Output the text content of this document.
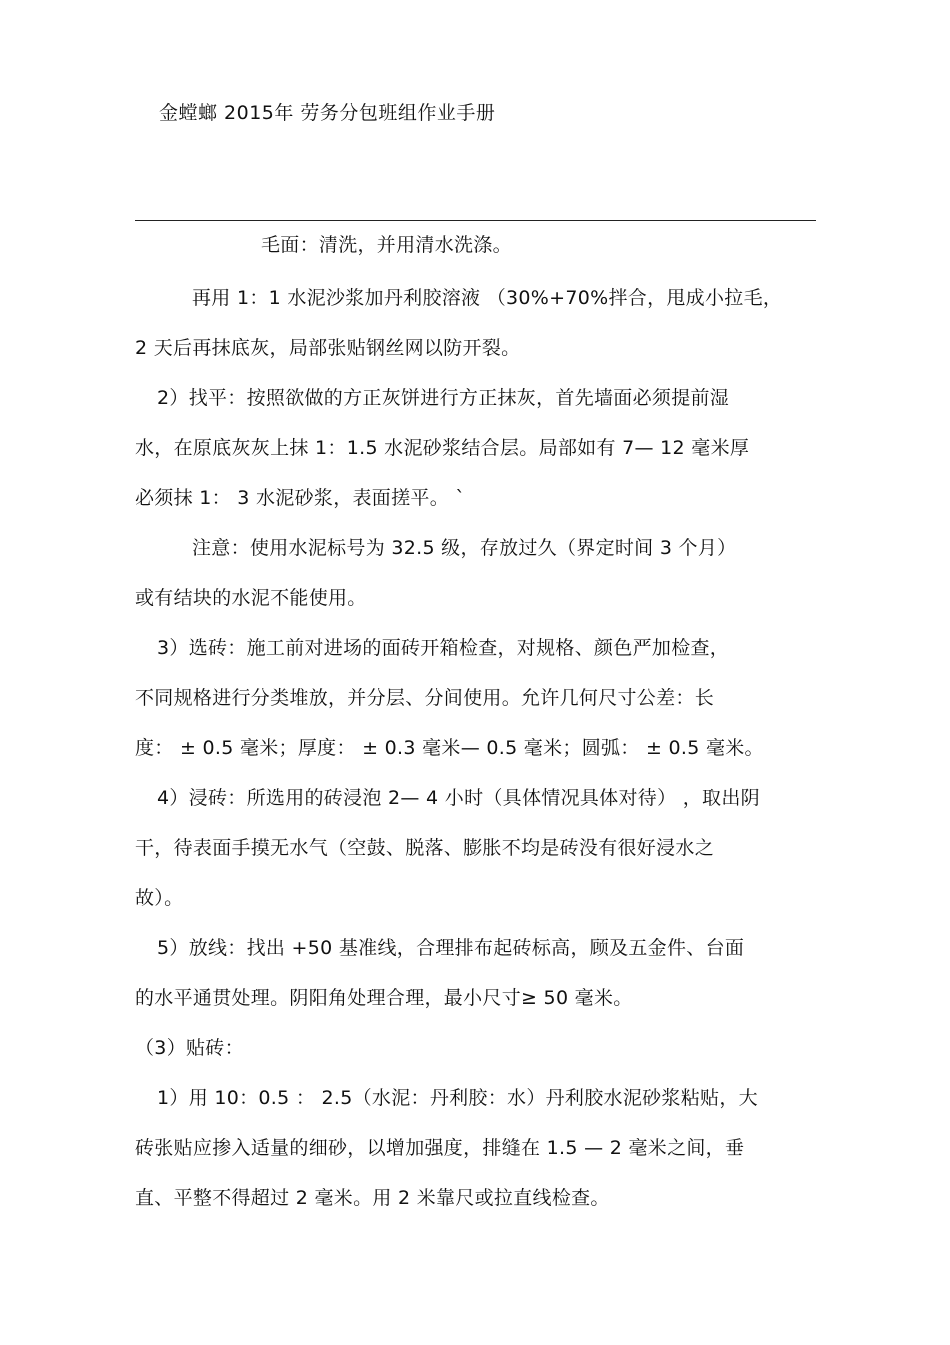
金螳螂 2015年 劳务分包班组作业手册
毛面：清洗，并用清水洗涤。
再用 1：1 水泥沙浆加丹利胶溶液 （30%+70%拌合，甩成小拉毛，
2 天后再抹底灰，局部张贴钢丝网以防开裂。
2）找平：按照欲做的方正灰饼进行方正抹灰，首先墙面必须提前湿
水，在原底灰灰上抹 1：1.5 水泥砂浆结合层。局部如有 7— 12 毫米厚
必须抹 1： 3 水泥砂浆，表面搓平。 `
注意：使用水泥标号为 32.5 级，存放过久（界定时间 3 个月）
或有结块的水泥不能使用。
3）选砖：施工前对进场的面砖开箱检查，对规格、颜色严加检查，
不同规格进行分类堆放，并分层、分间使用。允许几何尺寸公差：长
度： ± 0.5 毫米；厚度： ± 0.3 毫米— 0.5 毫米；圆弧： ± 0.5 毫米。
4）浸砖：所选用的砖浸泡 2— 4 小时（具体情况具体对待） ，取出阴
干，待表面手摸无水气（空鼓、脱落、膨胀不均是砖没有很好浸水之
故）。
5）放线：找出 +50 基准线，合理排布起砖标高，顾及五金件、台面
的水平通贯处理。阴阳角处理合理，最小尺寸≥ 50 毫米。
（3）贴砖：
1）用 10：0.5 ： 2.5（水泥：丹利胶：水）丹利胶水泥砂浆粘贴，大
砖张贴应掺入适量的细砂，以增加强度，排缝在 1.5 — 2 毫米之间，垂
直、平整不得超过 2 毫米。用 2 米靠尺或拉直线检查。
